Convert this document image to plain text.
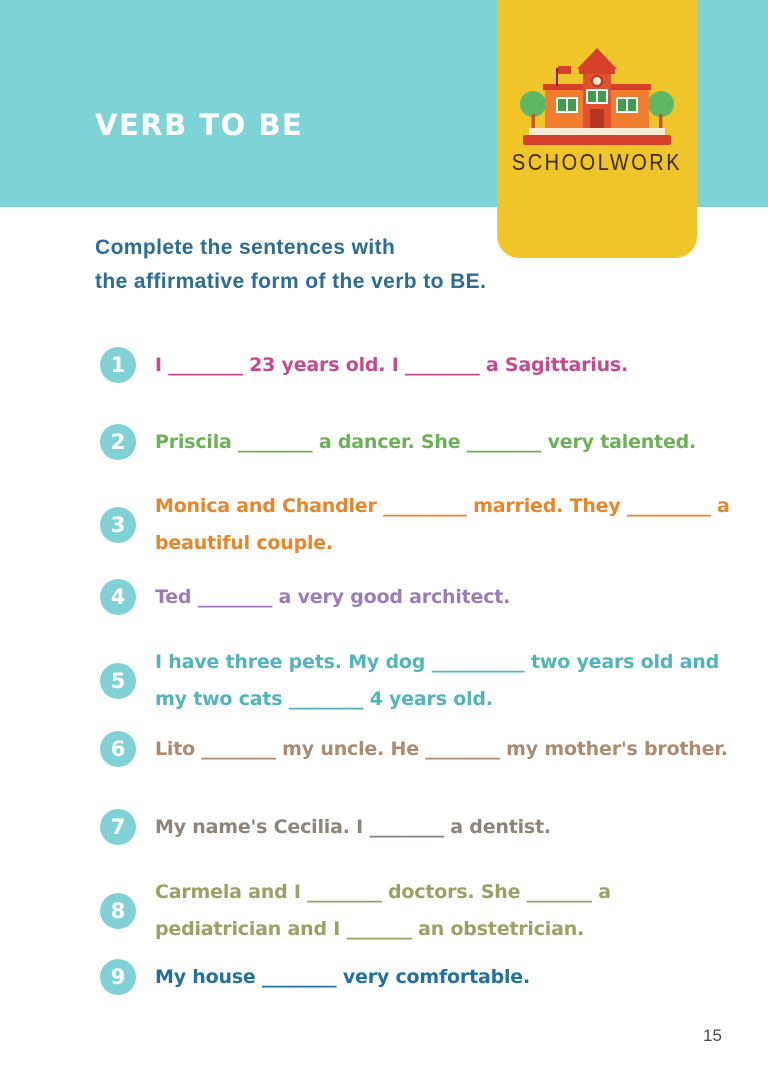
VERB TO BE
SCHOOLWORK
Complete the sentences with
the affirmative form of the verb to BE.
1	I ________ 23 years old. I ________ a Sagittarius.
2	Priscila ________ a dancer. She ________ very talented.
3
Monica and Chandler _________ married. They _________ a beautiful couple.
4	Ted ________ a very good architect.
5
I have three pets. My dog __________ two years old and my two cats ________ 4 years old.
6	Lito ________ my uncle. He ________ my mother's brother.
7	My name's Cecilia. I ________ a dentist.
8
Carmela and I ________ doctors. She _______ a pediatrician and I _______ an obstetrician.
9	My house ________ very comfortable.
15
